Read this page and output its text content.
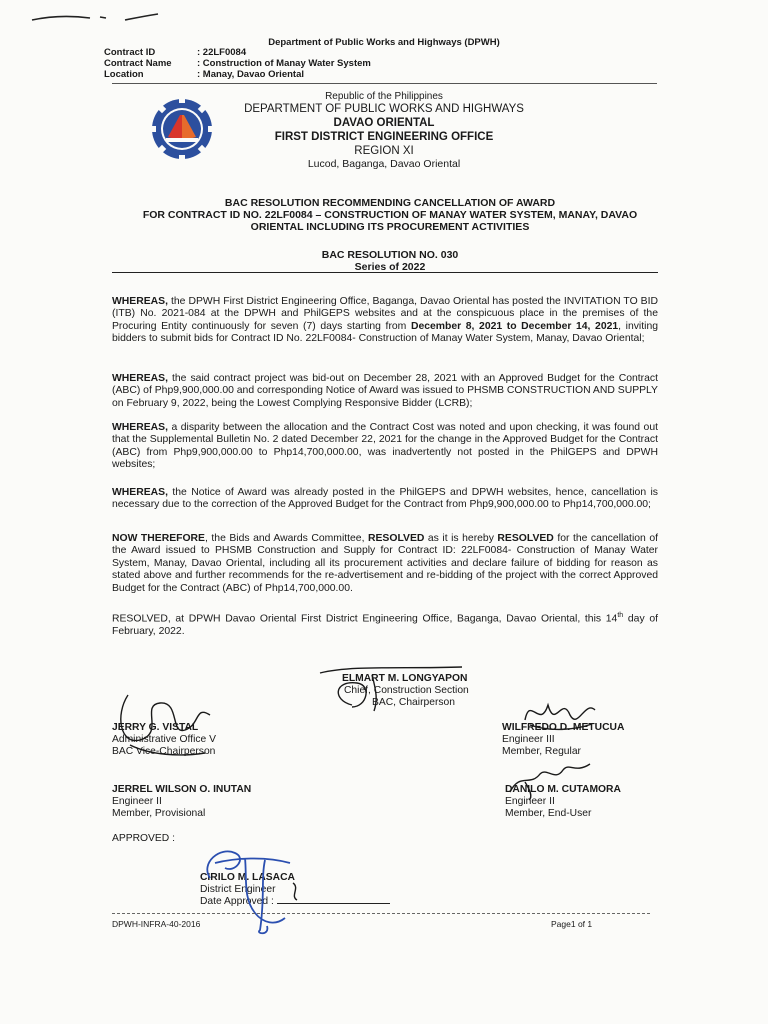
Department of Public Works and Highways (DPWH)
Contract ID	: 22LF0084
Contract Name	: Construction of Manay Water System
Location	: Manay, Davao Oriental
Republic of the Philippines
DEPARTMENT OF PUBLIC WORKS AND HIGHWAYS
DAVAO ORIENTAL
FIRST DISTRICT ENGINEERING OFFICE
REGION XI
Lucod, Baganga, Davao Oriental
BAC RESOLUTION RECOMMENDING CANCELLATION OF AWARD
FOR CONTRACT ID NO. 22LF0084 – CONSTRUCTION OF MANAY WATER SYSTEM, MANAY, DAVAO
ORIENTAL INCLUDING ITS PROCUREMENT ACTIVITIES
BAC RESOLUTION NO. 030
Series of 2022
WHEREAS, the DPWH First District Engineering Office, Baganga, Davao Oriental has posted the INVITATION TO BID (ITB) No. 2021-084 at the DPWH and PhilGEPS websites and at the conspicuous place in the premises of the Procuring Entity continuously for seven (7) days starting from December 8, 2021 to December 14, 2021, inviting bidders to submit bids for Contract ID No. 22LF0084- Construction of Manay Water System, Manay, Davao Oriental;
WHEREAS, the said contract project was bid-out on December 28, 2021 with an Approved Budget for the Contract (ABC) of Php9,900,000.00 and corresponding Notice of Award was issued to PHSMB CONSTRUCTION AND SUPPLY on February 9, 2022, being the Lowest Complying Responsive Bidder (LCRB);
WHEREAS, a disparity between the allocation and the Contract Cost was noted and upon checking, it was found out that the Supplemental Bulletin No. 2 dated December 22, 2021 for the change in the Approved Budget for the Contract (ABC) from Php9,900,000.00 to Php14,700,000.00, was inadvertently not posted in the PhilGEPS and DPWH websites;
WHEREAS, the Notice of Award was already posted in the PhilGEPS and DPWH websites, hence, cancellation is necessary due to the correction of the Approved Budget for the Contract from Php9,900,000.00 to Php14,700,000.00;
NOW THEREFORE, the Bids and Awards Committee, RESOLVED as it is hereby RESOLVED for the cancellation of the Award issued to PHSMB Construction and Supply for Contract ID: 22LF0084- Construction of Manay Water System, Manay, Davao Oriental, including all its procurement activities and declare failure of bidding for reason as stated above and further recommends for the re-advertisement and re-bidding of the project with the correct Approved Budget for the Contract (ABC) of Php14,700,000.00.
RESOLVED, at DPWH Davao Oriental First District Engineering Office, Baganga, Davao Oriental, this 14th day of February, 2022.
ELMART M. LONGYAPON
Chief, Construction Section
BAC, Chairperson
JERRY G. VISTAL
Administrative Office V
BAC Vice-Chairperson
WILFREDO D. METUCUA
Engineer III
Member, Regular
JERREL WILSON O. INUTAN
Engineer II
Member, Provisional
DANILO M. CUTAMORA
Engineer II
Member, End-User
APPROVED :
CIRILO M. LASACA
District Engineer
Date Approved :
DPWH-INFRA-40-2016	Page1 of 1
